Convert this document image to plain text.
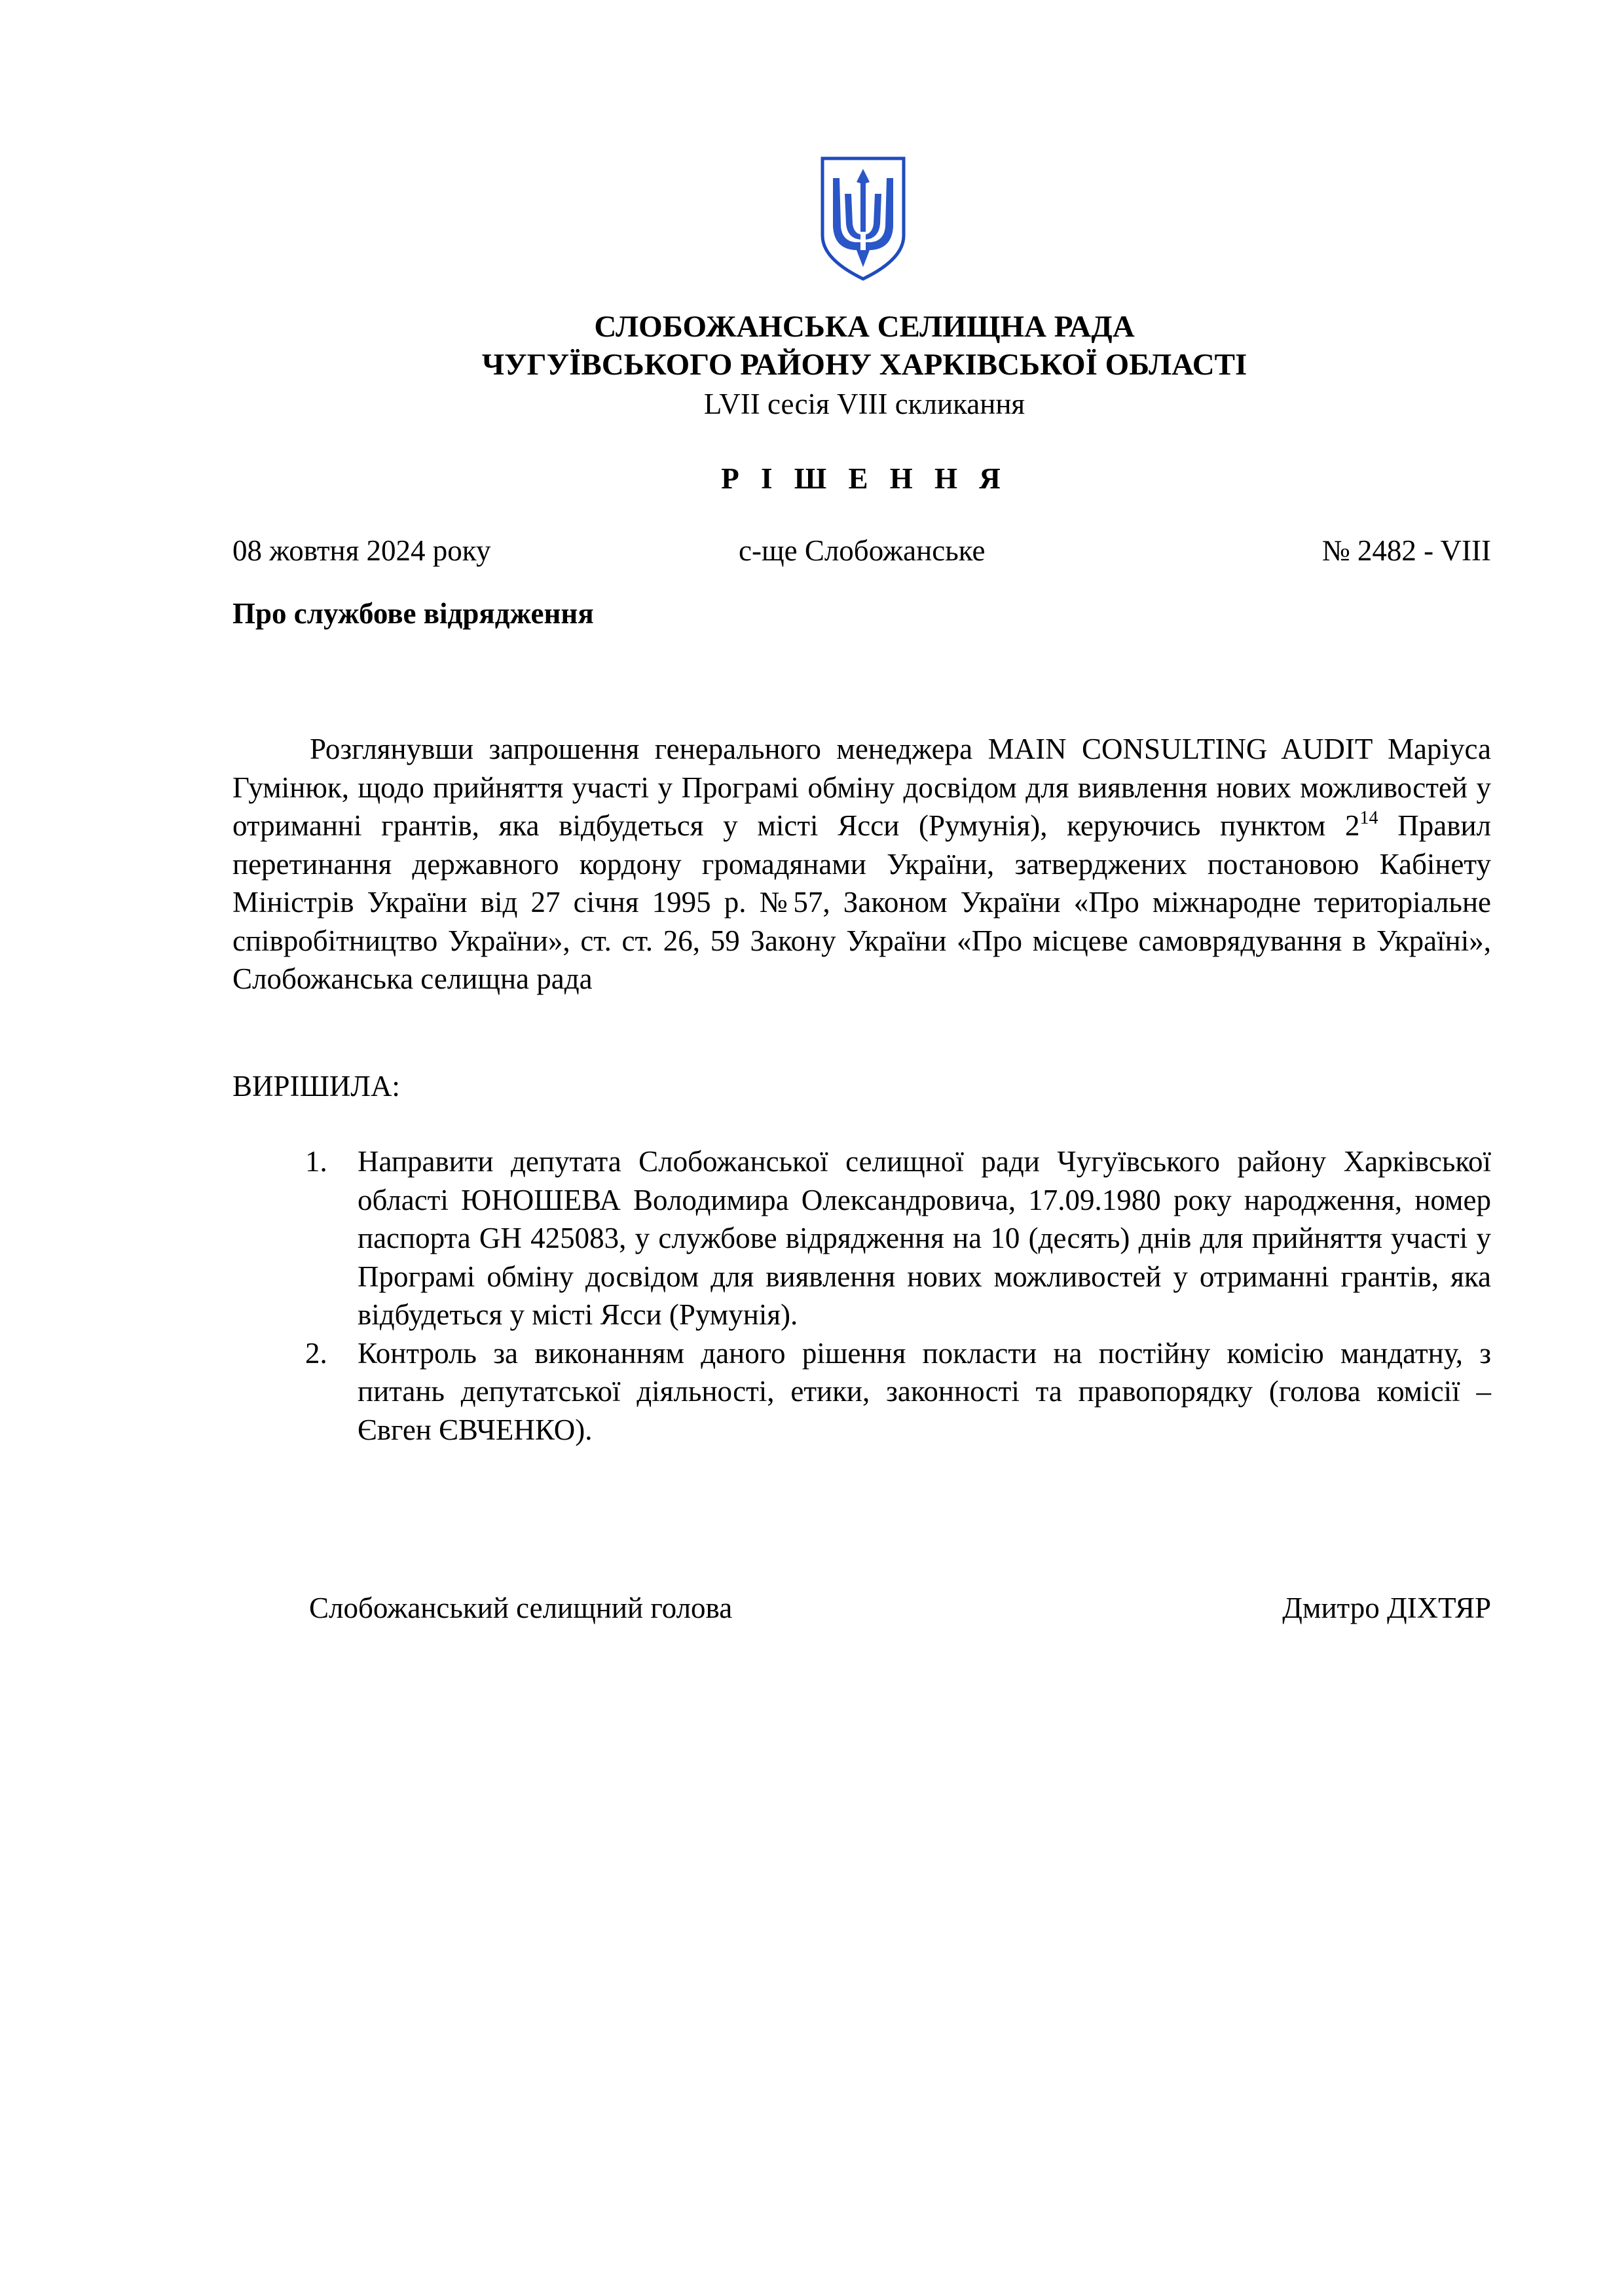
СЛОБОЖАНСЬКА СЕЛИЩНА РАДА
ЧУГУЇВСЬКОГО РАЙОНУ ХАРКІВСЬКОЇ ОБЛАСТІ
LVII сесія VIII скликання
Р І Ш Е Н Н Я
08 жовтня 2024 року	с-ще Слобожанське	№ 2482 - VIII
Про службове відрядження
Розглянувши запрошення генерального менеджера MAIN CONSULTING AUDIT Маріуса Гумінюк, щодо прийняття участі у Програмі обміну досвідом для виявлення нових можливостей у отриманні грантів, яка відбудеться у місті Ясси (Румунія), керуючись пунктом $2^{14}$ Правил перетинання державного кордону громадянами України, затверджених постановою Кабінету Міністрів України від 27 січня 1995 р. №57, Законом України «Про міжнародне територіальне співробітництво України», ст. ст. 26, 59 Закону України «Про місцеве самоврядування в Україні», Слобожанська селищна рада
ВИРІШИЛА:
1. Направити депутата Слобожанської селищної ради Чугуївського району Харківської області ЮНОШЕВА Володимира Олександровича, 17.09.1980 року народження, номер паспорта GH 425083, у службове відрядження на 10 (десять) днів для прийняття участі у Програмі обміну досвідом для виявлення нових можливостей у отриманні грантів, яка відбудеться у місті Ясси (Румунія).
2. Контроль за виконанням даного рішення покласти на постійну комісію мандатну, з питань депутатської діяльності, етики, законності та правопорядку (голова комісії – Євген ЄВЧЕНКО).
Слобожанський селищний голова	Дмитро ДІХТЯР
